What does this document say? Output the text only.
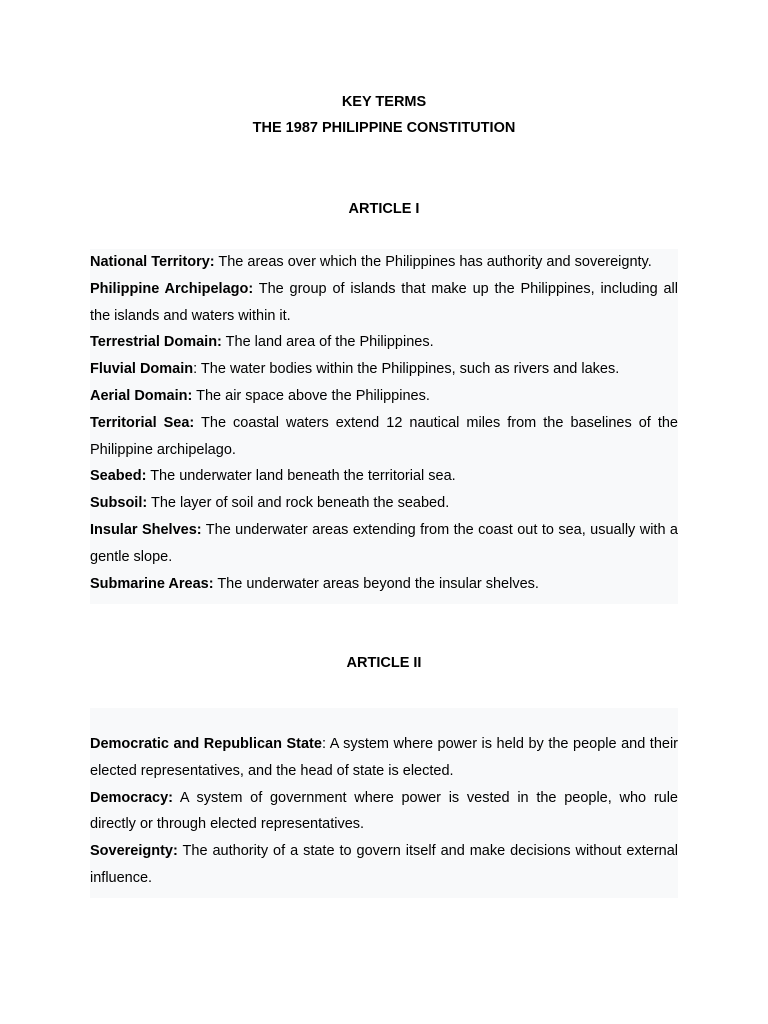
KEY TERMS
THE 1987 PHILIPPINE CONSTITUTION
ARTICLE I

National Territory: The areas over which the Philippines has authority and sovereignty.

Philippine Archipelago: The group of islands that make up the Philippines, including all the islands and waters within it.

Terrestrial Domain: The land area of the Philippines.

Fluvial Domain: The water bodies within the Philippines, such as rivers and lakes.

Aerial Domain: The air space above the Philippines.

Territorial Sea: The coastal waters extend 12 nautical miles from the baselines of the Philippine archipelago.

Seabed: The underwater land beneath the territorial sea.

Subsoil: The layer of soil and rock beneath the seabed.

Insular Shelves: The underwater areas extending from the coast out to sea, usually with a gentle slope.

Submarine Areas: The underwater areas beyond the insular shelves.

ARTICLE II

Democratic and Republican State: A system where power is held by the people and their elected representatives, and the head of state is elected.

Democracy: A system of government where power is vested in the people, who rule directly or through elected representatives.

Sovereignty: The authority of a state to govern itself and make decisions without external influence.
